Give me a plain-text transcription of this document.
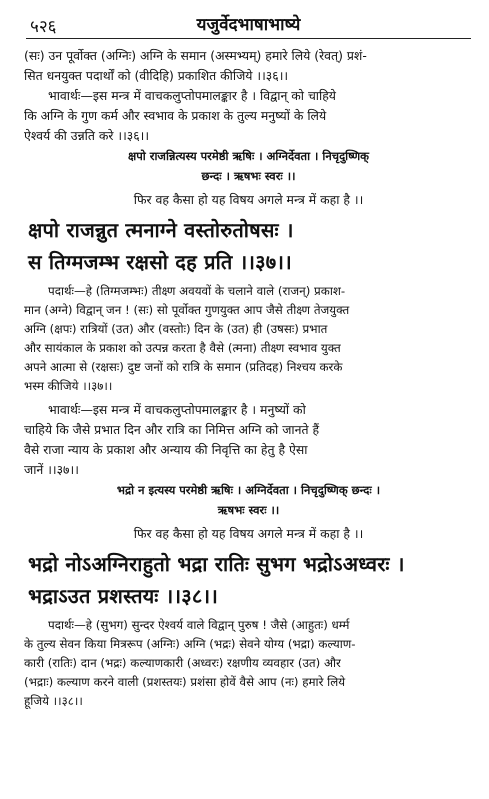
५२६	यजुर्वेदभाषाभाष्ये

(सः) उन पूर्वोक्त (अग्निः) अग्नि के समान (अस्मभ्यम्) हमारे लिये (रेवत्) प्रशं-

सित धनयुक्त पदार्थों को (वीदिहि) प्रकाशित कीजिये ।।३६।।

भावार्थः—इस मन्त्र में वाचकलुप्तोपमालङ्कार है । विद्वान् को चाहिये

कि अग्नि के गुण कर्म और स्वभाव के प्रकाश के तुल्य मनुष्यों के लिये

ऐश्वर्य की उन्नति करे ।।३६।।

क्षपो राजन्नित्यस्य परमेष्ठी ऋषिः । अग्निर्देवता । निचृदुष्णिक्

छन्दः । ऋषभः स्वरः ।।

फिर वह कैसा हो यह विषय अगले मन्त्र में कहा है ।।

क्षपो राजन्नुत त्मनाग्ने वस्तोरुतोषसः ।

स तिग्मजम्भ रक्षसो दह प्रति ।।३७।।

पदार्थः—हे (तिग्मजम्भः) तीक्ष्ण अवयवों के चलाने वाले (राजन्) प्रकाश-

मान (अग्ने) विद्वान् जन ! (सः) सो पूर्वोक्त गुणयुक्त आप जैसे तीक्ष्ण तेजयुक्त

अग्नि (क्षपः) रात्रियों (उत) और (वस्तोः) दिन के (उत) ही (उषसः) प्रभात

और सायंकाल के प्रकाश को उत्पन्न करता है वैसे (त्मना) तीक्ष्ण स्वभाव युक्त

अपने आत्मा से (रक्षसः) दुष्ट जनों को रात्रि के समान (प्रतिदह) निश्चय करके

भस्म कीजिये ।।३७।।

भावार्थः—इस मन्त्र में वाचकलुप्तोपमालङ्कार है । मनुष्यों को

चाहिये कि जैसे प्रभात दिन और रात्रि का निमित्त अग्नि को जानते हैं

वैसे राजा न्याय के प्रकाश और अन्याय की निवृत्ति का हेतु है ऐसा

जानें ।।३७।।

भद्रो न इत्यस्य परमेष्ठी ऋषिः । अग्निर्देवता । निचृदुष्णिक् छन्दः ।

ऋषभः स्वरः ।।

फिर वह कैसा हो यह विषय अगले मन्त्र में कहा है ।।

भद्रो नोऽअग्निराहुतो भद्रा रातिः सुभग भद्रोऽअध्वरः ।

भद्राऽउत प्रशस्तयः ।।३८।।

पदार्थः—हे (सुभग) सुन्दर ऐश्वर्य वाले विद्वान् पुरुष ! जैसे (आहुतः) धर्म्म

के तुल्य सेवन किया मित्ररूप (अग्निः) अग्नि (भद्रः) सेवने योग्य (भद्रा) कल्याण-

कारी (रातिः) दान (भद्रः) कल्याणकारी (अध्वरः) रक्षणीय व्यवहार (उत) और

(भद्राः) कल्याण करने वाली (प्रशस्तयः) प्रशंसा होवें वैसे आप (नः) हमारे लिये

हूजिये ।।३८।।
